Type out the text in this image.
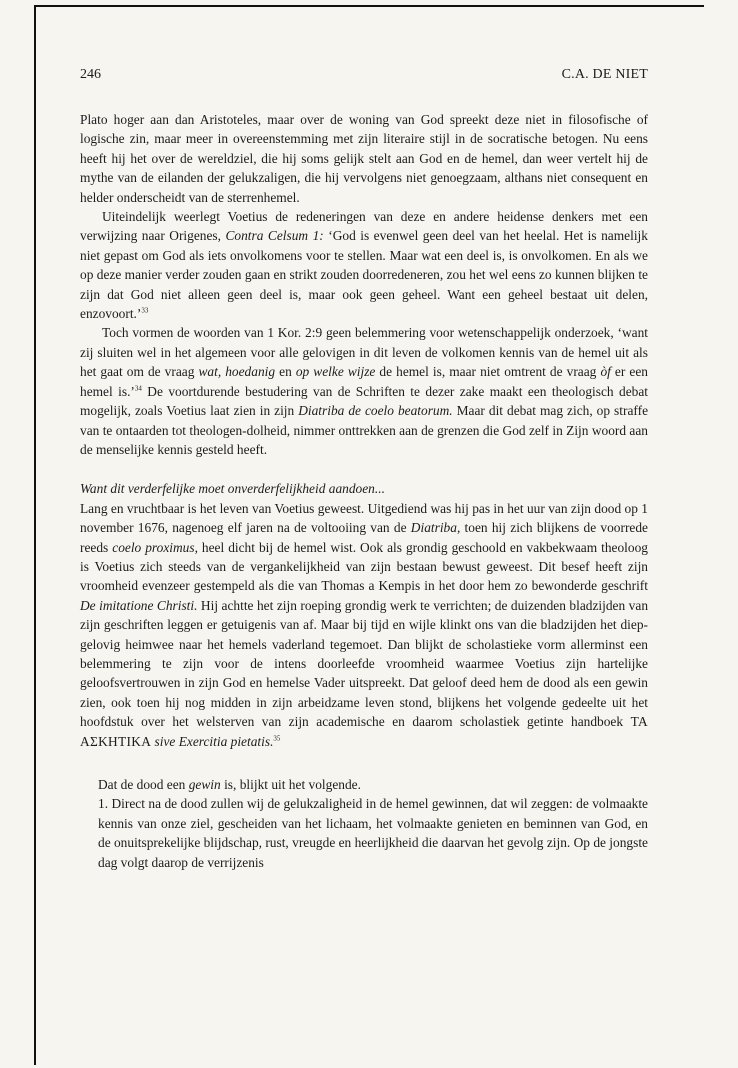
246	C.A. DE NIET

Plato hoger aan dan Aristoteles, maar over de woning van God spreekt deze niet in filosofische of logische zin, maar meer in overeenstemming met zijn literaire stijl in de socratische betogen. Nu eens heeft hij het over de wereldziel, die hij soms gelijk stelt aan God en de hemel, dan weer vertelt hij de mythe van de eilanden der gelukzaligen, die hij vervolgens niet genoegzaam, althans niet consequent en helder onderscheidt van de sterrenhemel.

Uiteindelijk weerlegt Voetius de redeneringen van deze en andere heidense denkers met een verwijzing naar Origenes, Contra Celsum 1: ‘God is evenwel geen deel van het heelal. Het is namelijk niet gepast om God als iets onvolkomens voor te stellen. Maar wat een deel is, is onvolkomen. En als we op deze manier verder zouden gaan en strikt zouden doorredeneren, zou het wel eens zo kunnen blijken te zijn dat God niet alleen geen deel is, maar ook geen geheel. Want een geheel bestaat uit delen, enzovoort.’$^{33}$

Toch vormen de woorden van 1 Kor. 2:9 geen belemmering voor wetenschappelijk onderzoek, ‘want zij sluiten wel in het algemeen voor alle gelovigen in dit leven de volkomen kennis van de hemel uit als het gaat om de vraag wat, hoedanig en op welke wijze de hemel is, maar niet omtrent de vraag òf er een hemel is.’$^{34}$ De voortdurende bestudering van de Schriften te dezer zake maakt een theologisch debat mogelijk, zoals Voetius laat zien in zijn Diatriba de coelo beatorum. Maar dit debat mag zich, op straffe van te ontaarden tot theologen-dolheid, nimmer onttrekken aan de grenzen die God zelf in Zijn woord aan de menselijke kennis gesteld heeft.

Want dit verderfelijke moet onverderfelijkheid aandoen...

Lang en vruchtbaar is het leven van Voetius geweest. Uitgediend was hij pas in het uur van zijn dood op 1 november 1676, nagenoeg elf jaren na de voltooiing van de Diatriba, toen hij zich blijkens de voorrede reeds coelo proximus, heel dicht bij de hemel wist. Ook als grondig geschoold en vakbekwaam theoloog is Voetius zich steeds van de vergankelijkheid van zijn bestaan bewust geweest. Dit besef heeft zijn vroomheid evenzeer gestempeld als die van Thomas a Kempis in het door hem zo bewonderde geschrift De imitatione Christi. Hij achtte het zijn roeping grondig werk te verrichten; de duizenden bladzijden van zijn geschriften leggen er getuigenis van af. Maar bij tijd en wijle klinkt ons van die bladzijden het diep-gelovig heimwee naar het hemels vaderland tegemoet. Dan blijkt de scholastieke vorm allerminst een belemmering te zijn voor de intens doorleefde vroomheid waarmee Voetius zijn hartelijke geloofsvertrouwen in zijn God en hemelse Vader uitspreekt. Dat geloof deed hem de dood als een gewin zien, ook toen hij nog midden in zijn arbeidzame leven stond, blijkens het volgende gedeelte uit het hoofdstuk over het welsterven van zijn academische en daarom scholastiek getinte handboek ΤΑ ΑΣΚΗΤΙΚΑ sive Exercitia pietatis.$^{35}$

Dat de dood een gewin is, blijkt uit het volgende.

1. Direct na de dood zullen wij de gelukzaligheid in de hemel gewinnen, dat wil zeggen: de volmaakte kennis van onze ziel, gescheiden van het lichaam, het volmaakte genieten en beminnen van God, en de onuitsprekelijke blijdschap, rust, vreugde en heerlijkheid die daarvan het gevolg zijn. Op de jongste dag volgt daarop de verrijzenis
